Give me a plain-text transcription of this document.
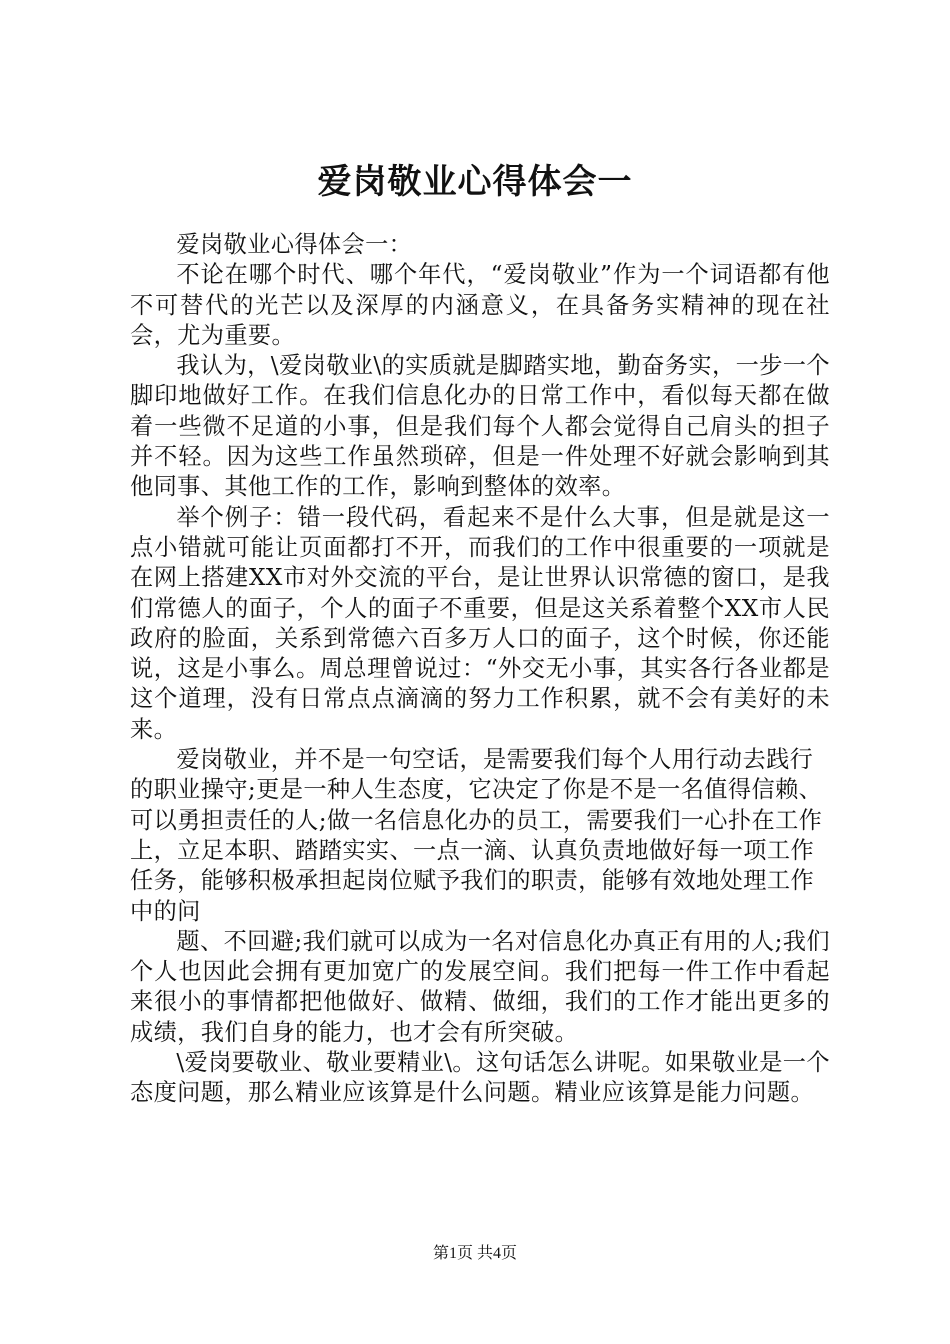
爱岗敬业心得体会一

爱岗敬业心得体会一：

不论在哪个时代、哪个年代，“爱岗敬业”作为一个词语都有他不可替代的光芒以及深厚的内涵意义，在具备务实精神的现在社会，尤为重要。

我认为，\爱岗敬业\的实质就是脚踏实地，勤奋务实，一步一个脚印地做好工作。在我们信息化办的日常工作中，看似每天都在做着一些微不足道的小事，但是我们每个人都会觉得自己肩头的担子并不轻。因为这些工作虽然琐碎，但是一件处理不好就会影响到其他同事、其他工作的工作，影响到整体的效率。

举个例子：错一段代码，看起来不是什么大事，但是就是这一点小错就可能让页面都打不开，而我们的工作中很重要的一项就是在网上搭建XX市对外交流的平台，是让世界认识常德的窗口，是我们常德人的面子，个人的面子不重要，但是这关系着整个XX市人民政府的脸面，关系到常德六百多万人口的面子，这个时候，你还能说，这是小事么。周总理曾说过：“外交无小事，其实各行各业都是这个道理，没有日常点点滴滴的努力工作积累，就不会有美好的未来。

爱岗敬业，并不是一句空话，是需要我们每个人用行动去践行的职业操守;更是一种人生态度，它决定了你是不是一名值得信赖、可以勇担责任的人;做一名信息化办的员工，需要我们一心扑在工作上，立足本职、踏踏实实、一点一滴、认真负责地做好每一项工作任务，能够积极承担起岗位赋予我们的职责，能够有效地处理工作中的问

题、不回避;我们就可以成为一名对信息化办真正有用的人;我们个人也因此会拥有更加宽广的发展空间。我们把每一件工作中看起来很小的事情都把他做好、做精、做细，我们的工作才能出更多的成绩，我们自身的能力，也才会有所突破。

\爱岗要敬业、敬业要精业\。这句话怎么讲呢。如果敬业是一个态度问题，那么精业应该算是什么问题。精业应该算是能力问题。

第1页 共4页
